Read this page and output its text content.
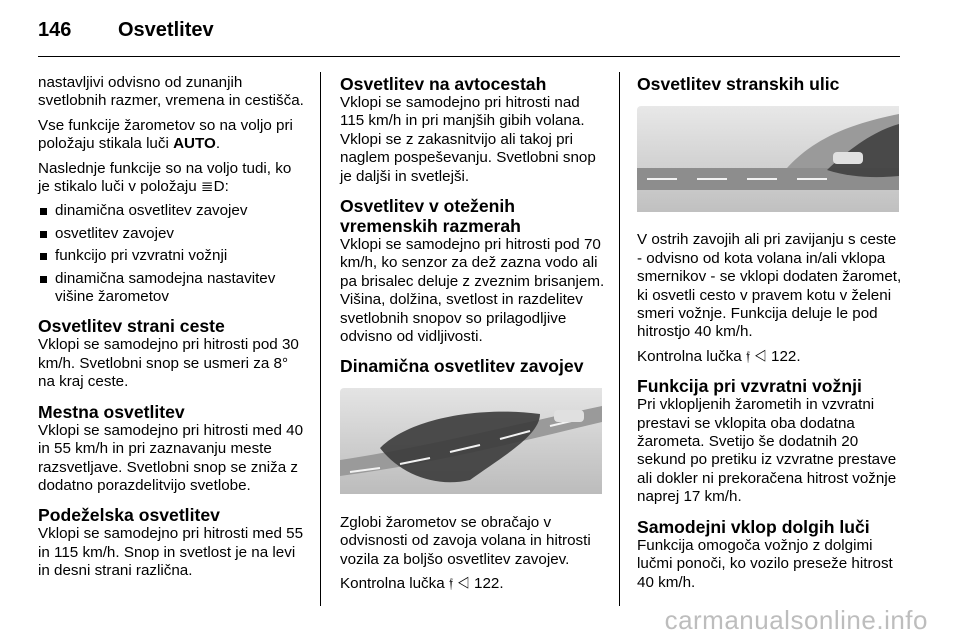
146	Osvetlitev

nastavljivi odvisno od zunanjih svetlobnih razmer, vremena in cestišča.

Vse funkcije žarometov so na voljo pri položaju stikala luči AUTO.

Naslednje funkcije so na voljo tudi, ko je stikalo luči v položaju ≣D:

dinamična osvetlitev zavojev
osvetlitev zavojev
funkcijo pri vzvratni vožnji
dinamična samodejna nastavitev višine žarometov
Osvetlitev strani ceste

Vklopi se samodejno pri hitrosti pod 30 km/h. Svetlobni snop se usmeri za 8° na kraj ceste.

Mestna osvetlitev

Vklopi se samodejno pri hitrosti med 40 in 55 km/h in pri zaznavanju meste razsvetljave. Svetlobni snop se zniža z dodatno porazdelitvijo svetlobe.

Podeželska osvetlitev

Vklopi se samodejno pri hitrosti med 55 in 115 km/h. Snop in svetlost je na levi in desni strani različna.

Osvetlitev na avtocestah

Vklopi se samodejno pri hitrosti nad 115 km/h in pri manjših gibih volana. Vklopi se z zakasnitvijo ali takoj pri naglem pospeševanju. Svetlobni snop je daljši in svetlejši.

Osvetlitev v oteženih vremenskih razmerah

Vklopi se samodejno pri hitrosti pod 70 km/h, ko senzor za dež zazna vodo ali pa brisalec deluje z zveznim brisanjem. Višina, dolžina, svetlost in razdelitev svetlobnih snopov so prilagodljive odvisno od vidljivosti.

Dinamična osvetlitev zavojev

Zglobi žarometov se obračajo v odvisnosti od zavoja volana in hitrosti vozila za boljšo osvetlitev zavojev.

Kontrolna lučka 𝔣 ◁ 122.

Osvetlitev stranskih ulic

V ostrih zavojih ali pri zavijanju s ceste - odvisno od kota volana in/ali vklopa smernikov - se vklopi dodaten žaromet, ki osvetli cesto v pravem kotu v želeni smeri vožnje. Funkcija deluje le pod hitrostjo 40 km/h.

Kontrolna lučka 𝔣 ◁ 122.

Funkcija pri vzvratni vožnji

Pri vklopljenih žarometih in vzvratni prestavi se vklopita oba dodatna žarometa. Svetijo še dodatnih 20 sekund po pretiku iz vzvratne prestave ali dokler ni prekoračena hitrost vožnje naprej 17 km/h.

Samodejni vklop dolgih luči

Funkcija omogoča vožnjo z dolgimi lučmi ponoči, ko vozilo preseže hitrost 40 km/h.

carmanualsonline.info
